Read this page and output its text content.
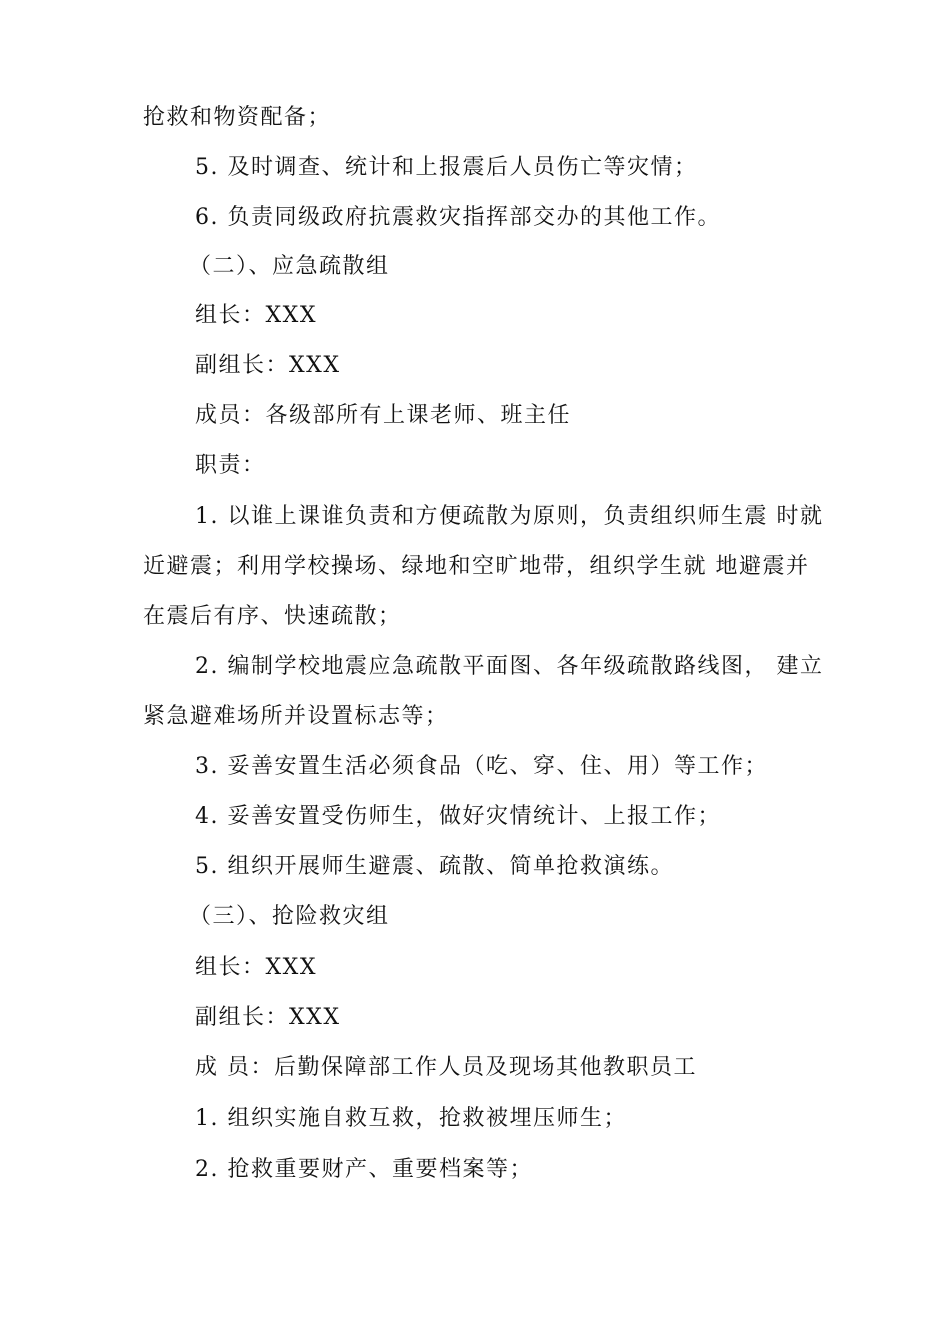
抢救和物资配备；
5. 及时调查、统计和上报震后人员伤亡等灾情；
6. 负责同级政府抗震救灾指挥部交办的其他工作。
（二）、应急疏散组
组长：XXX
副组长：XXX
成员：各级部所有上课老师、班主任
职责：
1. 以谁上课谁负责和方便疏散为原则，负责组织师生震 时就
近避震；利用学校操场、绿地和空旷地带，组织学生就 地避震并
在震后有序、快速疏散；
2. 编制学校地震应急疏散平面图、各年级疏散路线图， 建立
紧急避难场所并设置标志等；
3. 妥善安置生活必须食品（吃、穿、住、用）等工作；
4. 妥善安置受伤师生，做好灾情统计、上报工作；
5. 组织开展师生避震、疏散、简单抢救演练。
（三）、抢险救灾组
组长：XXX
副组长：XXX
成 员：后勤保障部工作人员及现场其他教职员工
1. 组织实施自救互救，抢救被埋压师生；
2. 抢救重要财产、重要档案等；
